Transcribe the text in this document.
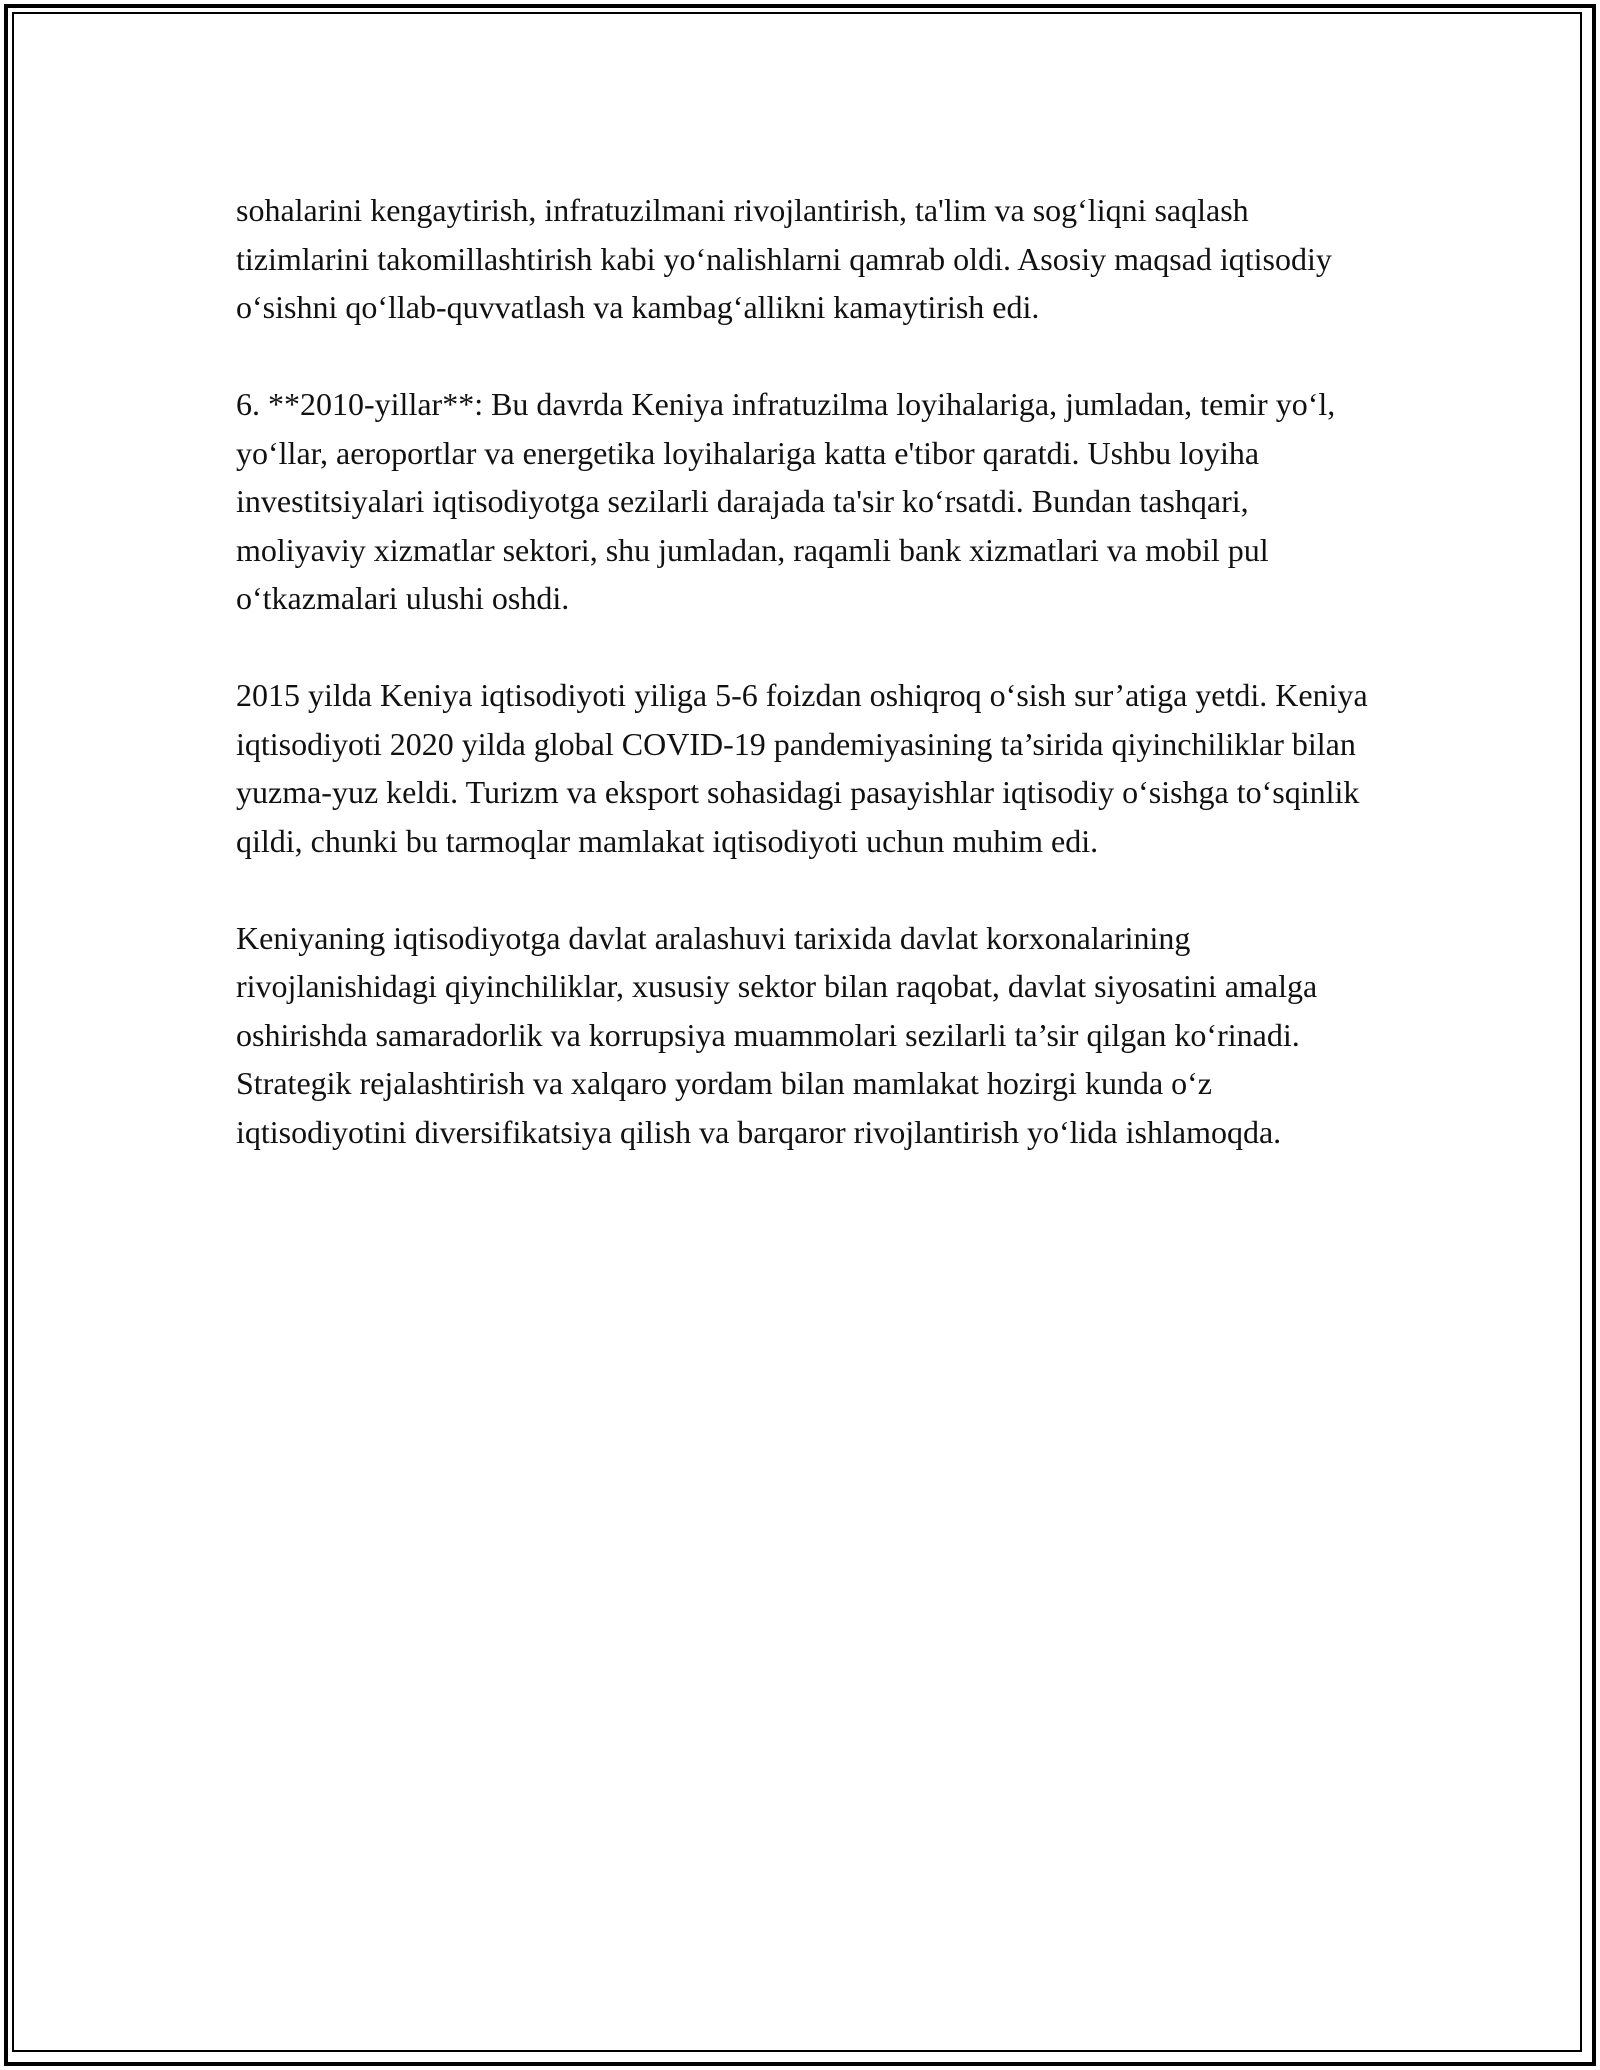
sohalarini kengaytirish, infratuzilmani rivojlantirish, ta'lim va sog‘liqni saqlash tizimlarini takomillashtirish kabi yo‘nalishlarni qamrab oldi. Asosiy maqsad iqtisodiy o‘sishni qo‘llab-quvvatlash va kambag‘allikni kamaytirish edi.

6. **2010-yillar**: Bu davrda Keniya infratuzilma loyihalariga, jumladan, temir yo‘l, yo‘llar, aeroportlar va energetika loyihalariga katta e'tibor qaratdi. Ushbu loyiha investitsiyalari iqtisodiyotga sezilarli darajada ta'sir ko‘rsatdi. Bundan tashqari, moliyaviy xizmatlar sektori, shu jumladan, raqamli bank xizmatlari va mobil pul o‘tkazmalari ulushi oshdi.

2015 yilda Keniya iqtisodiyoti yiliga 5-6 foizdan oshiqroq o‘sish sur’atiga yetdi. Keniya iqtisodiyoti 2020 yilda global COVID-19 pandemiyasining ta’sirida qiyinchiliklar bilan yuzma-yuz keldi. Turizm va eksport sohasidagi pasayishlar iqtisodiy o‘sishga to‘sqinlik qildi, chunki bu tarmoqlar mamlakat iqtisodiyoti uchun muhim edi.

Keniyaning iqtisodiyotga davlat aralashuvi tarixida davlat korxonalarining rivojlanishidagi qiyinchiliklar, xususiy sektor bilan raqobat, davlat siyosatini amalga oshirishda samaradorlik va korrupsiya muammolari sezilarli ta’sir qilgan ko‘rinadi. Strategik rejalashtirish va xalqaro yordam bilan mamlakat hozirgi kunda o‘z iqtisodiyotini diversifikatsiya qilish va barqaror rivojlantirish yo‘lida ishlamoqda.
